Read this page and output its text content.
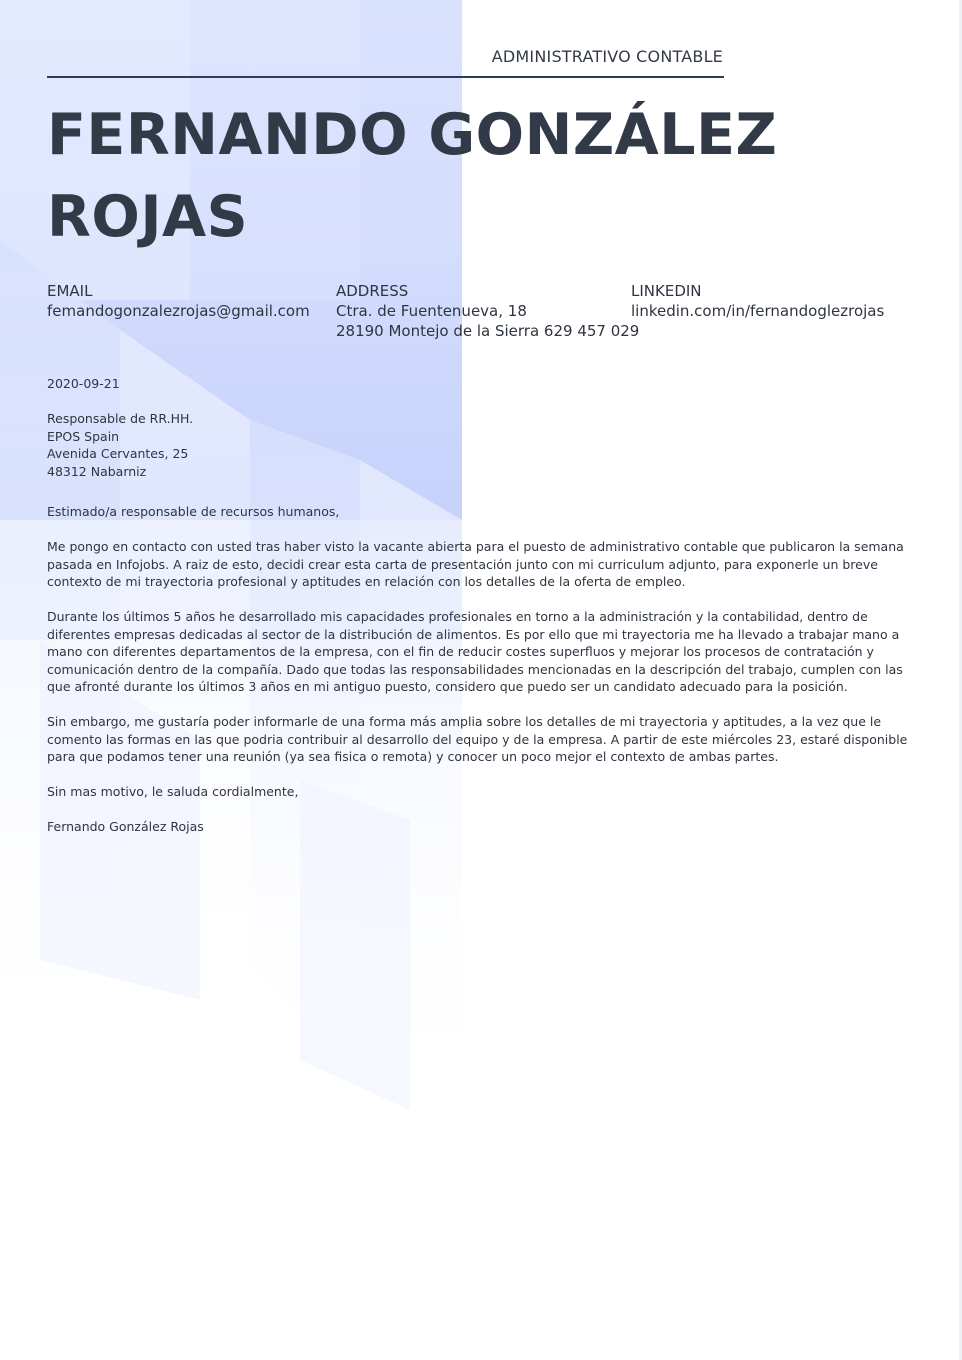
ADMINISTRATIVO CONTABLE
FERNANDO GONZÁLEZ
ROJAS
EMAIL
femandogonzalezrojas@gmail.com
ADDRESS
Ctra. de Fuentenueva, 18
28190 Montejo de la Sierra 629 457 029
LINKEDIN
linkedin.com/in/fernandoglezrojas
2020-09-21
Responsable de RR.HH.
EPOS Spain
Avenida Cervantes, 25
48312 Nabarniz

Estimado/a responsable de recursos humanos,

Me pongo en contacto con usted tras haber visto la vacante abierta para el puesto de administrativo contable que publicaron la semana pasada en Infojobs. A raiz de esto, decidi crear esta carta de presentación junto con mi curriculum adjunto, para exponerle un breve contexto de mi trayectoria profesional y aptitudes en relación con los detalles de la oferta de empleo.

Durante los últimos 5 años he desarrollado mis capacidades profesionales en torno a la administración y la contabilidad, dentro de diferentes empresas dedicadas al sector de la distribución de alimentos. Es por ello que mi trayectoria me ha llevado a trabajar mano a mano con diferentes departamentos de la empresa, con el fin de reducir costes superfluos y mejorar los procesos de contratación y comunicación dentro de la compañía. Dado que todas las responsabilidades mencionadas en la descripción del trabajo, cumplen con las que afronté durante los últimos 3 años en mi antiguo puesto, considero que puedo ser un candidato adecuado para la posición.

Sin embargo, me gustaría poder informarle de una forma más amplia sobre los detalles de mi trayectoria y aptitudes, a la vez que le comento las formas en las que podria contribuir al desarrollo del equipo y de la empresa. A partir de este miércoles 23, estaré disponible para que podamos tener una reunión (ya sea fisica o remota) y conocer un poco mejor el contexto de ambas partes.

Sin mas motivo, le saluda cordialmente,

Fernando González Rojas
